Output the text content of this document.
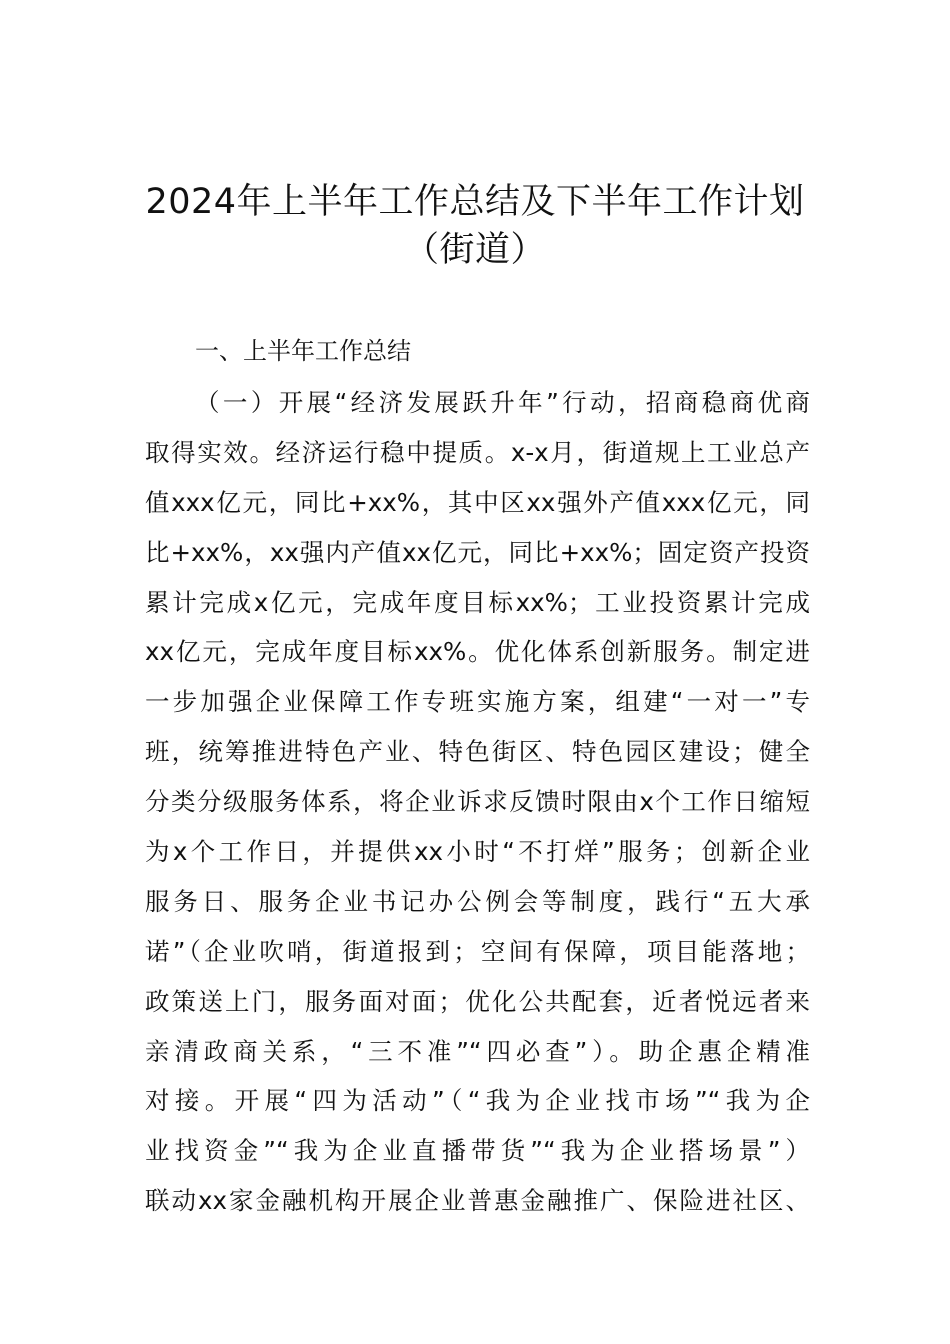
2024年上半年工作总结及下半年工作计划
（街道）
一、上半年工作总结
（一）开展“经济发展跃升年”行动，招商稳商优商
取得实效。经济运行稳中提质。x-x月，街道规上工业总产
值xxx亿元，同比+xx%，其中区xx强外产值xxx亿元，同
比+xx%，xx强内产值xx亿元，同比+xx%；固定资产投资
累计完成x亿元，完成年度目标xx%；工业投资累计完成
xx亿元，完成年度目标xx%。优化体系创新服务。制定进
一步加强企业保障工作专班实施方案，组建“一对一”专
班，统筹推进特色产业、特色街区、特色园区建设；健全
分类分级服务体系，将企业诉求反馈时限由x个工作日缩短
为x个工作日，并提供xx小时“不打烊”服务；创新企业
服务日、服务企业书记办公例会等制度，践行“五大承
诺”（企业吹哨，街道报到；空间有保障，项目能落地；
政策送上门，服务面对面；优化公共配套，近者悦远者来
亲清政商关系，“三不准”“四必查”）。助企惠企精准
对接。开展“四为活动”（“我为企业找市场”“我为企
业找资金”“我为企业直播带货”“我为企业搭场景”）
联动xx家金融机构开展企业普惠金融推广、保险进社区、
